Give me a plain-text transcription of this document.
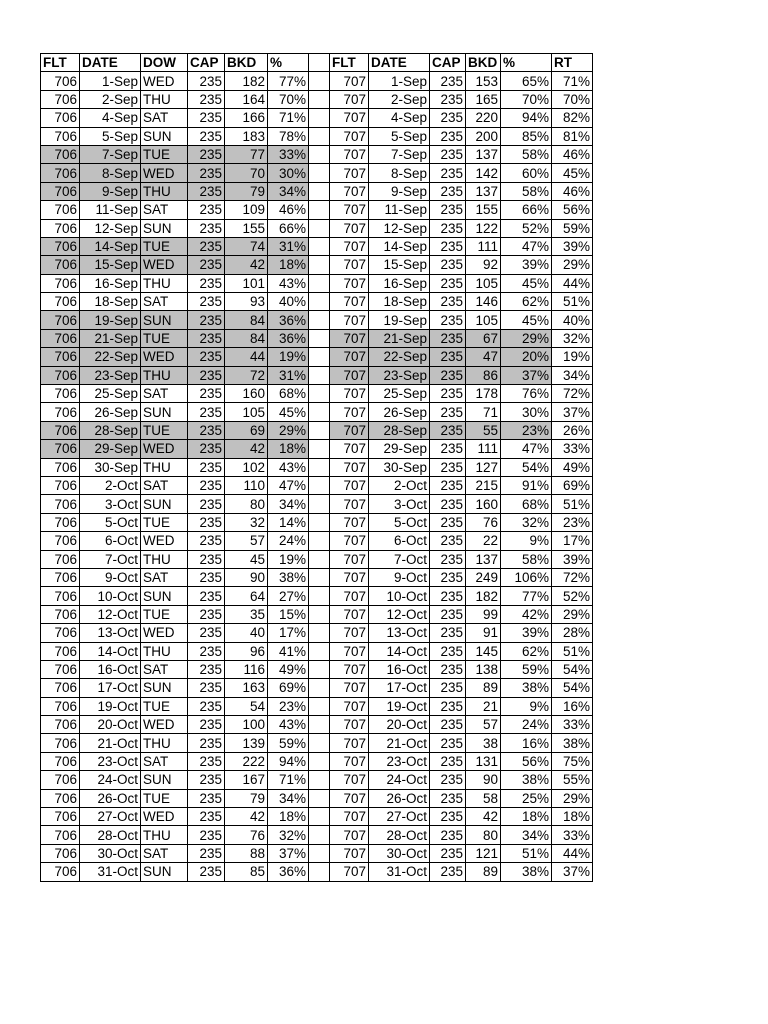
FLT	DATE	DOW	CAP	BKD	%		FLT	DATE	CAP	BKD	%	RT
706	1-Sep	WED	235	182	77%		707	1-Sep	235	153	65%	71%
706	2-Sep	THU	235	164	70%		707	2-Sep	235	165	70%	70%
706	4-Sep	SAT	235	166	71%		707	4-Sep	235	220	94%	82%
706	5-Sep	SUN	235	183	78%		707	5-Sep	235	200	85%	81%
706	7-Sep	TUE	235	77	33%		707	7-Sep	235	137	58%	46%
706	8-Sep	WED	235	70	30%		707	8-Sep	235	142	60%	45%
706	9-Sep	THU	235	79	34%		707	9-Sep	235	137	58%	46%
706	11-Sep	SAT	235	109	46%		707	11-Sep	235	155	66%	56%
706	12-Sep	SUN	235	155	66%		707	12-Sep	235	122	52%	59%
706	14-Sep	TUE	235	74	31%		707	14-Sep	235	111	47%	39%
706	15-Sep	WED	235	42	18%		707	15-Sep	235	92	39%	29%
706	16-Sep	THU	235	101	43%		707	16-Sep	235	105	45%	44%
706	18-Sep	SAT	235	93	40%		707	18-Sep	235	146	62%	51%
706	19-Sep	SUN	235	84	36%		707	19-Sep	235	105	45%	40%
706	21-Sep	TUE	235	84	36%		707	21-Sep	235	67	29%	32%
706	22-Sep	WED	235	44	19%		707	22-Sep	235	47	20%	19%
706	23-Sep	THU	235	72	31%		707	23-Sep	235	86	37%	34%
706	25-Sep	SAT	235	160	68%		707	25-Sep	235	178	76%	72%
706	26-Sep	SUN	235	105	45%		707	26-Sep	235	71	30%	37%
706	28-Sep	TUE	235	69	29%		707	28-Sep	235	55	23%	26%
706	29-Sep	WED	235	42	18%		707	29-Sep	235	111	47%	33%
706	30-Sep	THU	235	102	43%		707	30-Sep	235	127	54%	49%
706	2-Oct	SAT	235	110	47%		707	2-Oct	235	215	91%	69%
706	3-Oct	SUN	235	80	34%		707	3-Oct	235	160	68%	51%
706	5-Oct	TUE	235	32	14%		707	5-Oct	235	76	32%	23%
706	6-Oct	WED	235	57	24%		707	6-Oct	235	22	9%	17%
706	7-Oct	THU	235	45	19%		707	7-Oct	235	137	58%	39%
706	9-Oct	SAT	235	90	38%		707	9-Oct	235	249	106%	72%
706	10-Oct	SUN	235	64	27%		707	10-Oct	235	182	77%	52%
706	12-Oct	TUE	235	35	15%		707	12-Oct	235	99	42%	29%
706	13-Oct	WED	235	40	17%		707	13-Oct	235	91	39%	28%
706	14-Oct	THU	235	96	41%		707	14-Oct	235	145	62%	51%
706	16-Oct	SAT	235	116	49%		707	16-Oct	235	138	59%	54%
706	17-Oct	SUN	235	163	69%		707	17-Oct	235	89	38%	54%
706	19-Oct	TUE	235	54	23%		707	19-Oct	235	21	9%	16%
706	20-Oct	WED	235	100	43%		707	20-Oct	235	57	24%	33%
706	21-Oct	THU	235	139	59%		707	21-Oct	235	38	16%	38%
706	23-Oct	SAT	235	222	94%		707	23-Oct	235	131	56%	75%
706	24-Oct	SUN	235	167	71%		707	24-Oct	235	90	38%	55%
706	26-Oct	TUE	235	79	34%		707	26-Oct	235	58	25%	29%
706	27-Oct	WED	235	42	18%		707	27-Oct	235	42	18%	18%
706	28-Oct	THU	235	76	32%		707	28-Oct	235	80	34%	33%
706	30-Oct	SAT	235	88	37%		707	30-Oct	235	121	51%	44%
706	31-Oct	SUN	235	85	36%		707	31-Oct	235	89	38%	37%
